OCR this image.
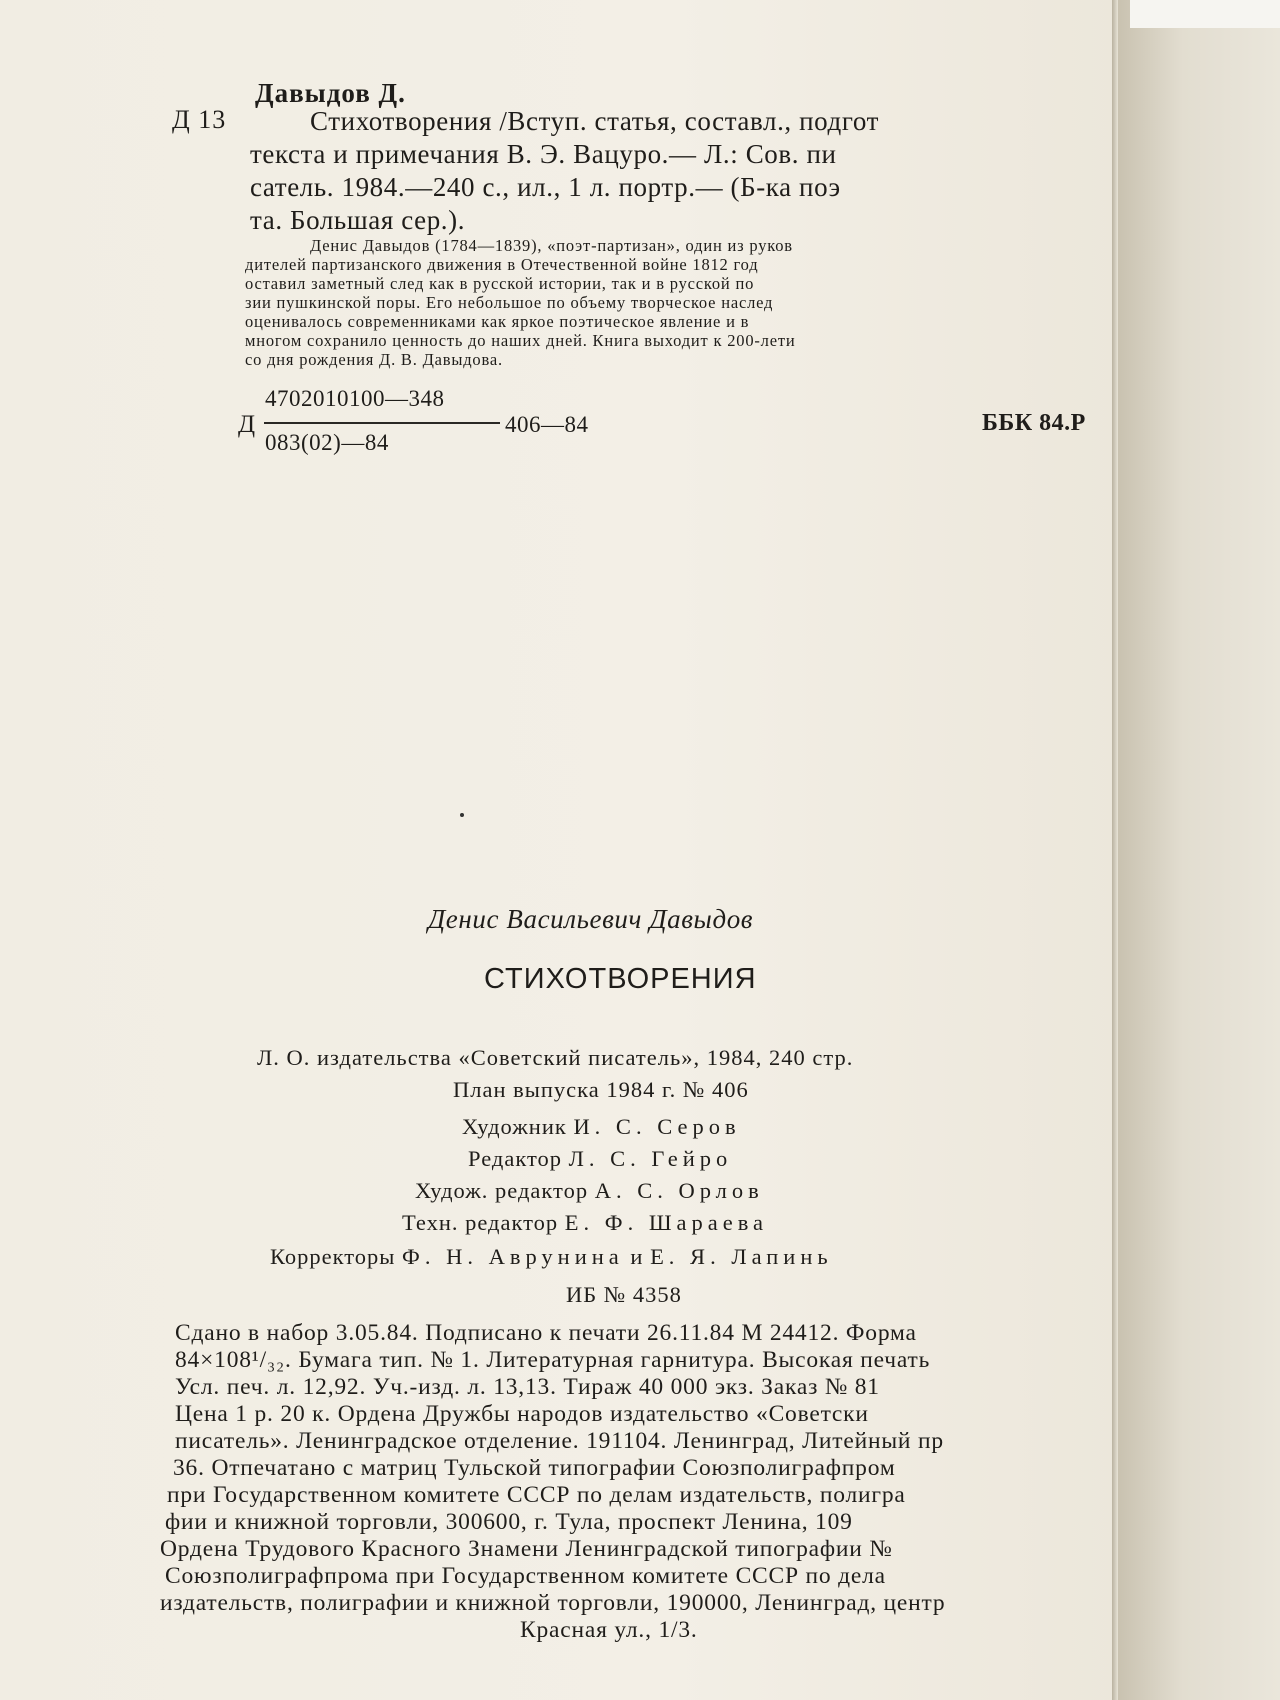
Давыдов Д.
Д 13	Стихотворения /Вступ. статья, составл., подгот
текста и примечания В. Э. Вацуро.— Л.: Сов. пи
сатель. 1984.—240 с., ил., 1 л. портр.— (Б-ка поэ
та. Большая сер.).
Денис Давыдов (1784—1839), «поэт-партизан», один из руков
дителей партизанского движения в Отечественной войне 1812 год
оставил заметный след как в русской истории, так и в русской по
зии пушкинской поры. Его небольшое по объему творческое наслед
оценивалось современниками как яркое поэтическое явление и в
многом сохранило ценность до наших дней. Книга выходит к 200-лети
со дня рождения Д. В. Давыдова.
Д
4702010100—348
083(02)—84
406—84	ББК 84.Р
Денис Васильевич Давыдов
СТИХОТВОРЕНИЯ
Л. О. издательства «Советский писатель», 1984, 240 стр.
План выпуска 1984 г. № 406
Художник И. С. Серов
Редактор Л. С. Гейро
Худож. редактор А. С. Орлов
Техн. редактор Е. Ф. Шараева
Корректоры Ф. Н. Аврунина и Е. Я. Лапинь
ИБ № 4358
Сдано в набор 3.05.84. Подписано к печати 26.11.84 М 24412. Форма
84×108¹/₃₂. Бумага тип. № 1. Литературная гарнитура. Высокая печать
Усл. печ. л. 12,92. Уч.-изд. л. 13,13. Тираж 40 000 экз. Заказ № 81
Цена 1 р. 20 к. Ордена Дружбы народов издательство «Советски
писатель». Ленинградское отделение. 191104. Ленинград, Литейный пр
36. Отпечатано с матриц Тульской типографии Союзполиграфпром
при Государственном комитете СССР по делам издательств, полигра
фии и книжной торговли, 300600, г. Тула, проспект Ленина, 109
Ордена Трудового Красного Знамени Ленинградской типографии №
Союзполиграфпрома при Государственном комитете СССР по дела
издательств, полиграфии и книжной торговли, 190000, Ленинград, центр
Красная ул., 1/3.
